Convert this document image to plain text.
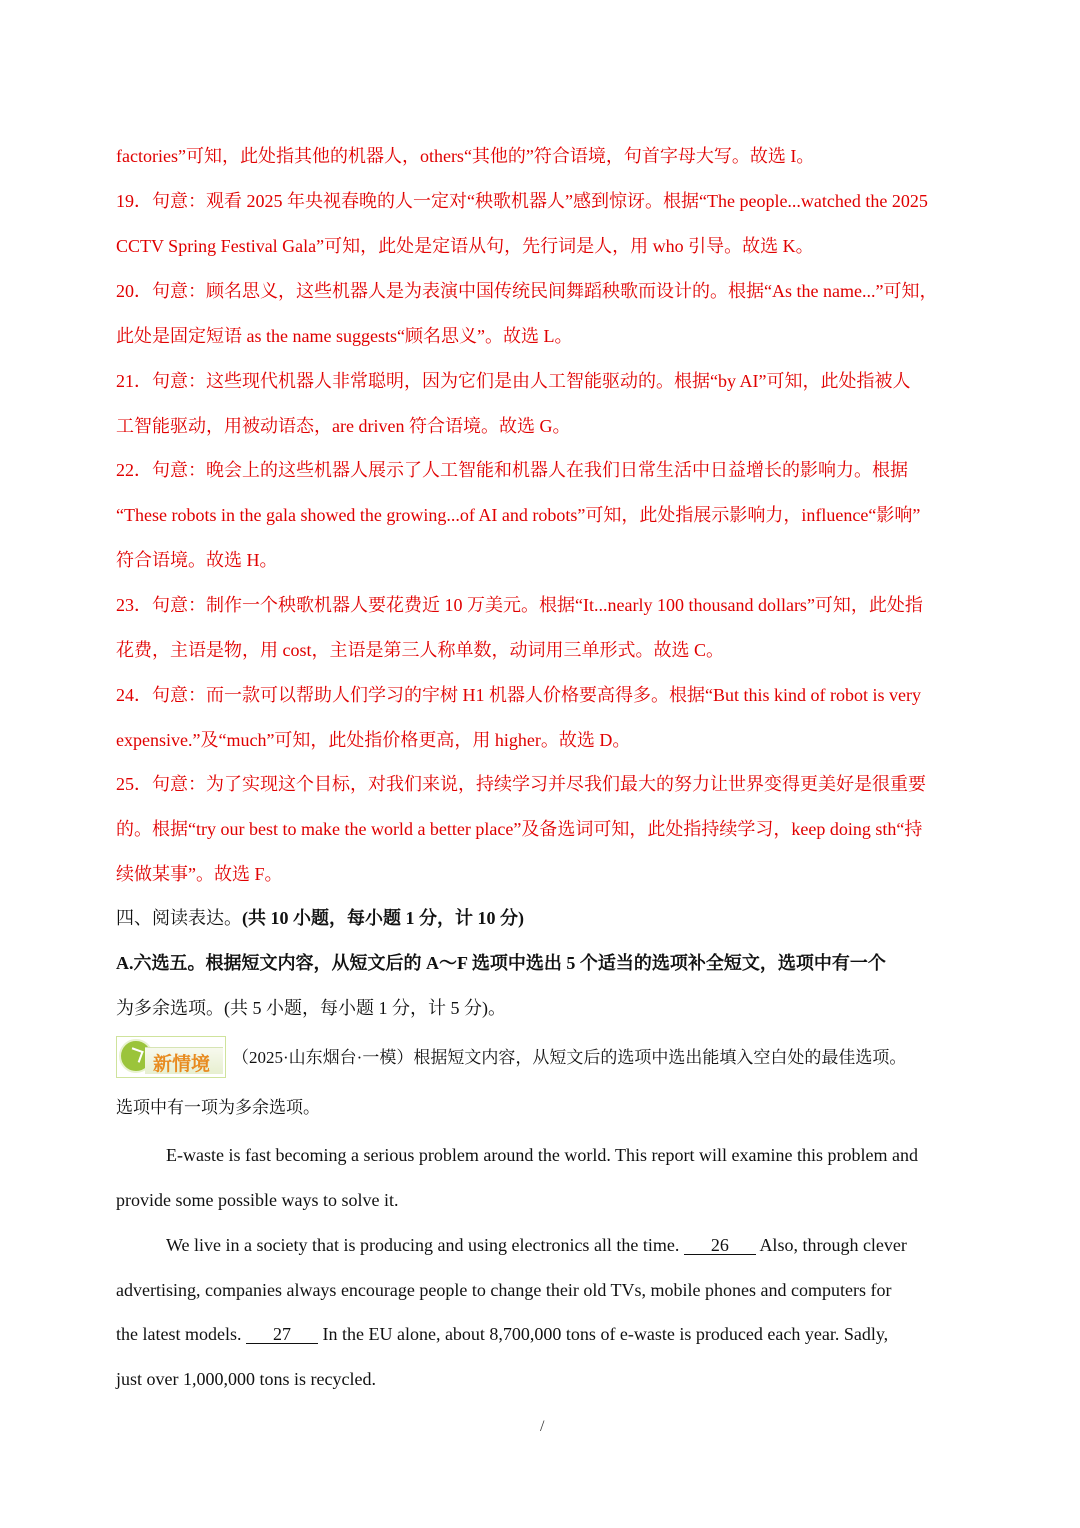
factories”可知，此处指其他的机器人，others“其他的”符合语境，句首字母大写。故选 I。
19．句意：观看 2025 年央视春晚的人一定对“秧歌机器人”感到惊讶。根据“The people...watched the 2025
CCTV Spring Festival Gala”可知，此处是定语从句，先行词是人，用 who 引导。故选 K。
20．句意：顾名思义，这些机器人是为表演中国传统民间舞蹈秧歌而设计的。根据“As the name...”可知，
此处是固定短语 as the name suggests“顾名思义”。故选 L。
21．句意：这些现代机器人非常聪明，因为它们是由人工智能驱动的。根据“by AI”可知，此处指被人
工智能驱动，用被动语态，are driven 符合语境。故选 G。
22．句意：晚会上的这些机器人展示了人工智能和机器人在我们日常生活中日益增长的影响力。根据
“These robots in the gala showed the growing...of AI and robots”可知，此处指展示影响力，influence“影响”
符合语境。故选 H。
23．句意：制作一个秧歌机器人要花费近 10 万美元。根据“It...nearly 100 thousand dollars”可知，此处指
花费，主语是物，用 cost，主语是第三人称单数，动词用三单形式。故选 C。
24．句意：而一款可以帮助人们学习的宇树 H1 机器人价格要高得多。根据“But this kind of robot is very
expensive.”及“much”可知，此处指价格更高，用 higher。故选 D。
25．句意：为了实现这个目标，对我们来说，持续学习并尽我们最大的努力让世界变得更美好是很重要
的。根据“try our best to make the world a better place”及备选词可知，此处指持续学习，keep doing sth“持
续做某事”。故选 F。
四、阅读表达。(共 10 小题，每小题 1 分，计 10 分)
A.六选五。根据短文内容，从短文后的 A～F 选项中选出 5 个适当的选项补全短文，选项中有一个
为多余选项。(共 5 小题，每小题 1 分，计 5 分)。
新情境 （2025·山东烟台·一模）根据短文内容，从短文后的选项中选出能填入空白处的最佳选项。
选项中有一项为多余选项。
E-waste is fast becoming a serious problem around the world. This report will examine this problem and
provide some possible ways to solve it.
We live in a society that is producing and using electronics all the time. 26 Also, through clever
advertising, companies always encourage people to change their old TVs, mobile phones and computers for
the latest models. 27 In the EU alone, about 8,700,000 tons of e-waste is produced each year. Sadly,
just over 1,000,000 tons is recycled.
/
